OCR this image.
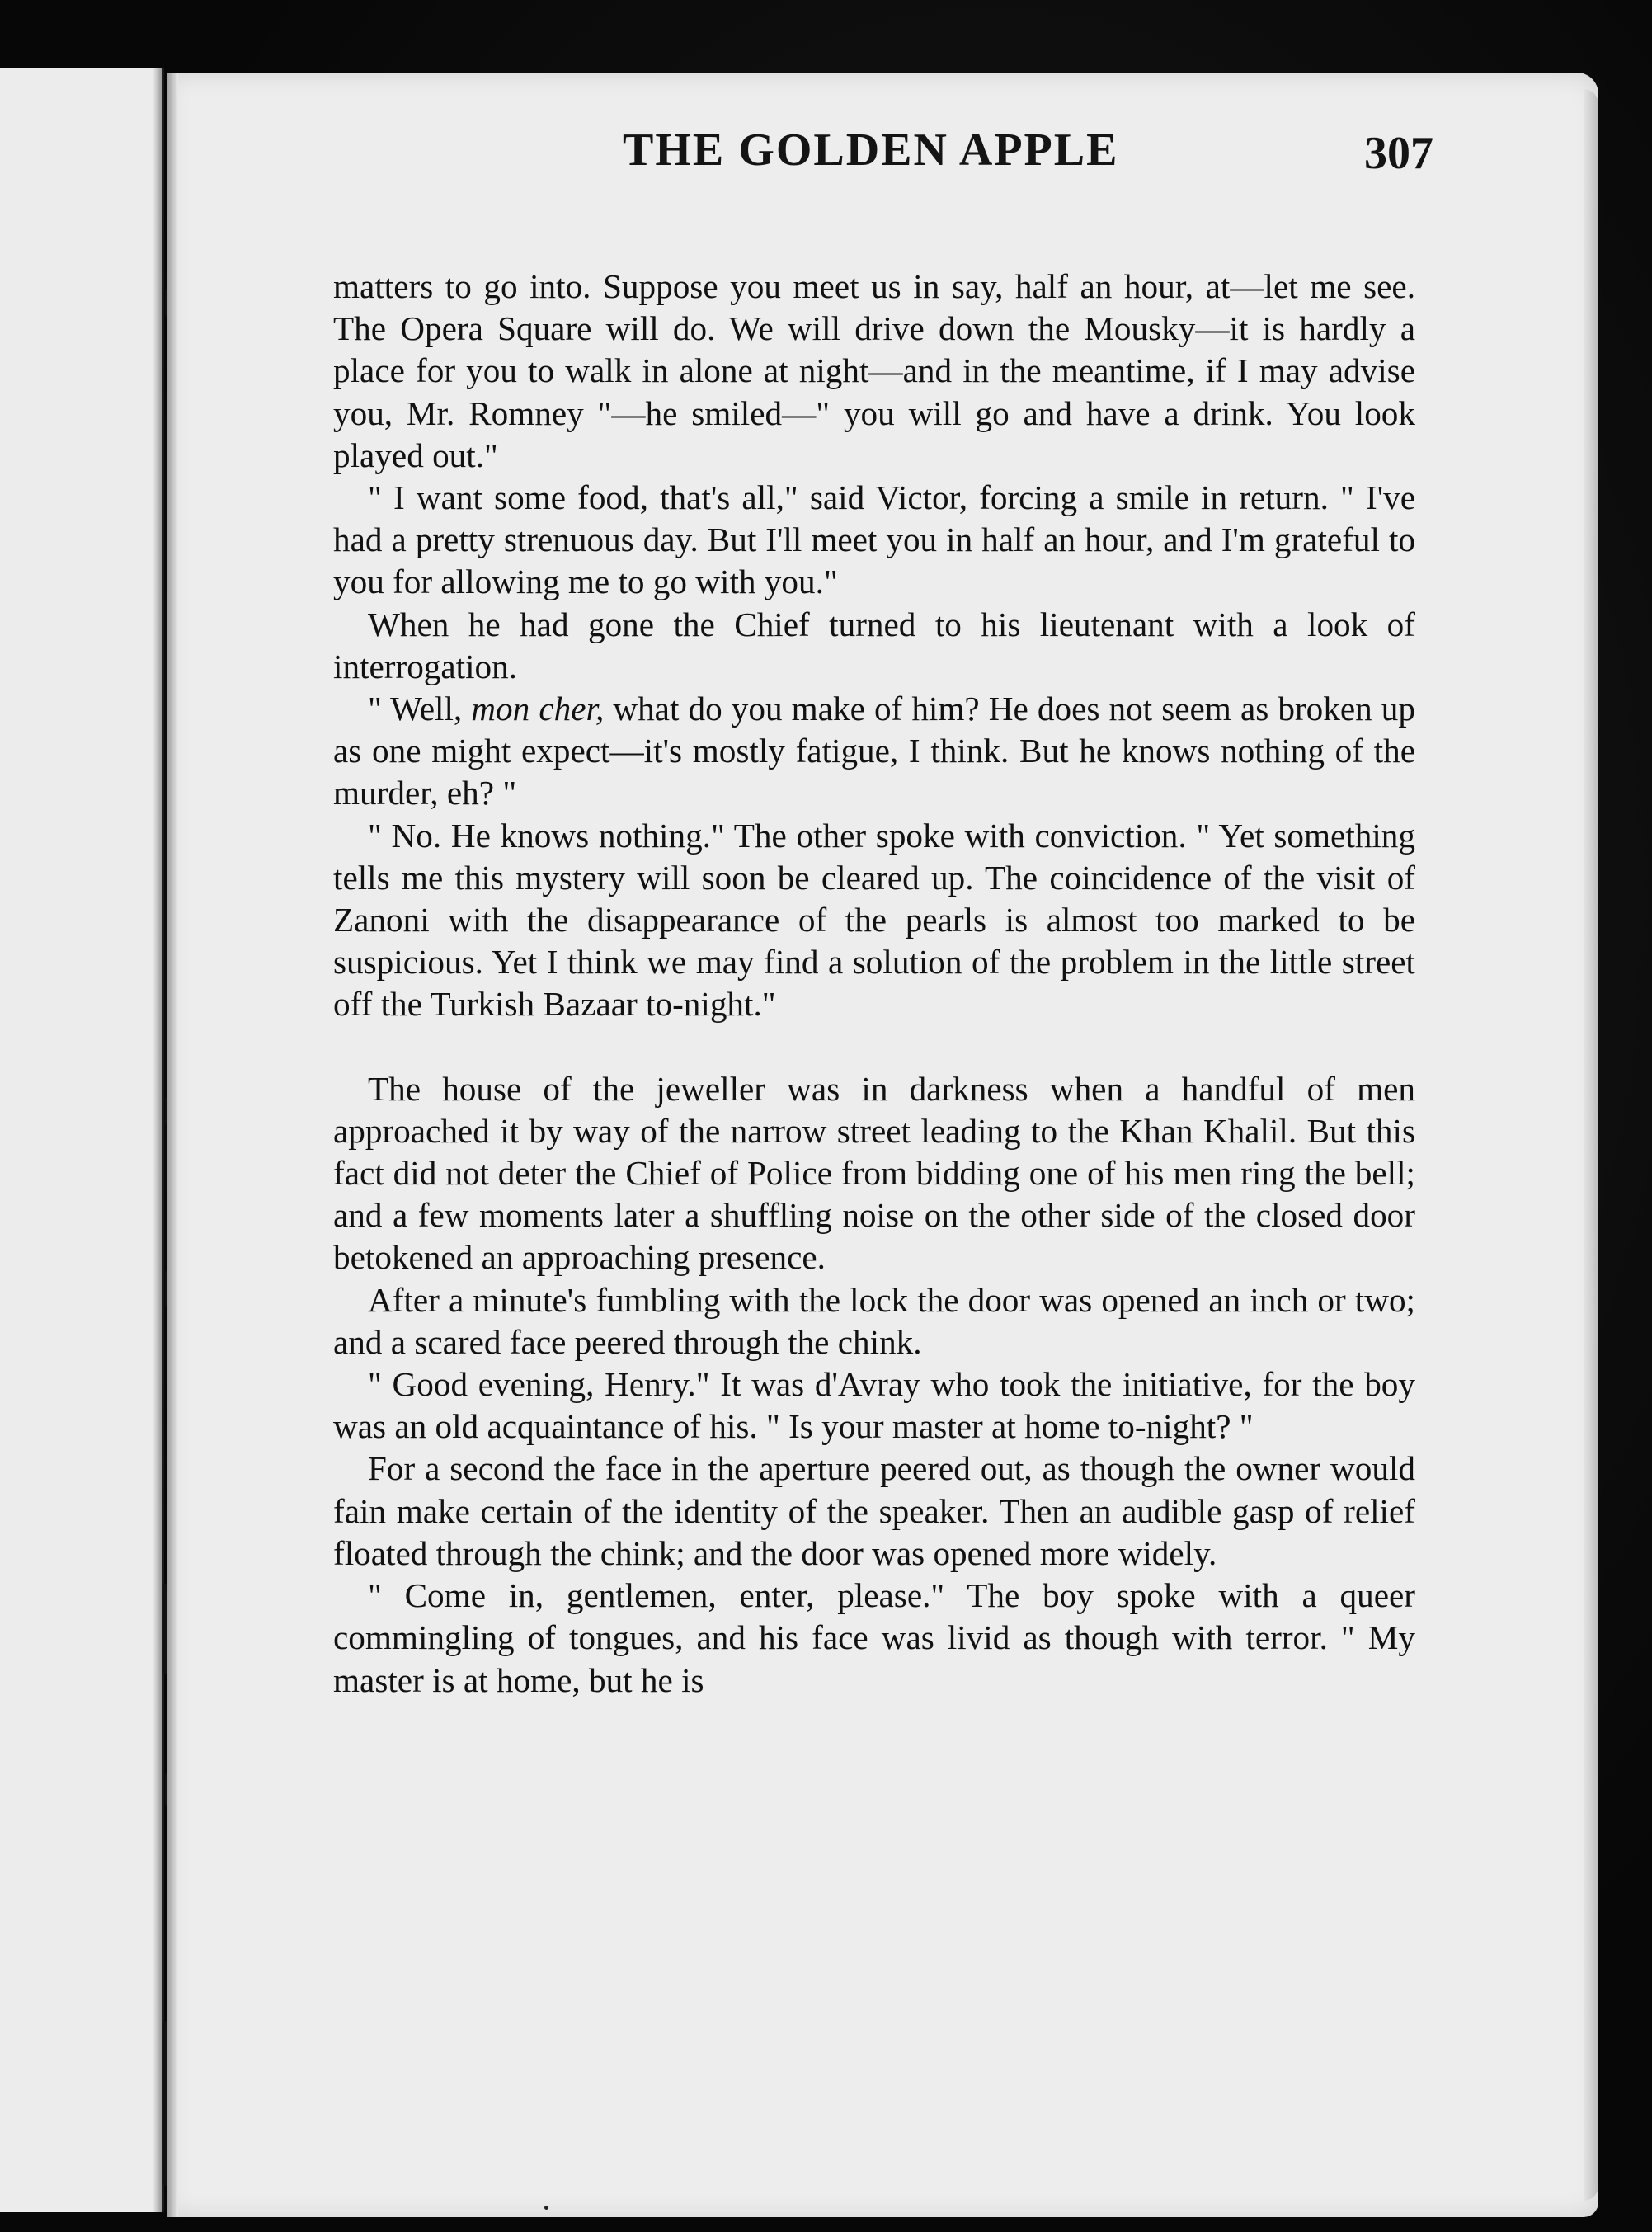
THE GOLDEN APPLE	307

matters to go into. Suppose you meet us in say, half an hour, at—let me see. The Opera Square will do. We will drive down the Mousky—it is hardly a place for you to walk in alone at night—and in the meantime, if I may advise you, Mr. Romney "—he smiled—" you will go and have a drink. You look played out."

" I want some food, that's all," said Victor, forcing a smile in return. " I've had a pretty strenuous day. But I'll meet you in half an hour, and I'm grateful to you for allowing me to go with you."

When he had gone the Chief turned to his lieutenant with a look of interrogation.

" Well, mon cher, what do you make of him? He does not seem as broken up as one might expect—it's mostly fatigue, I think. But he knows nothing of the murder, eh? "

" No. He knows nothing." The other spoke with conviction. " Yet something tells me this mystery will soon be cleared up. The coincidence of the visit of Zanoni with the disappearance of the pearls is almost too marked to be suspicious. Yet I think we may find a solution of the problem in the little street off the Turkish Bazaar to-night."

The house of the jeweller was in darkness when a handful of men approached it by way of the narrow street leading to the Khan Khalil. But this fact did not deter the Chief of Police from bidding one of his men ring the bell; and a few moments later a shuffling noise on the other side of the closed door betokened an approaching presence.

After a minute's fumbling with the lock the door was opened an inch or two; and a scared face peered through the chink.

" Good evening, Henry." It was d'Avray who took the initiative, for the boy was an old acquaintance of his. " Is your master at home to-night? "

For a second the face in the aperture peered out, as though the owner would fain make certain of the identity of the speaker. Then an audible gasp of relief floated through the chink; and the door was opened more widely.

" Come in, gentlemen, enter, please." The boy spoke with a queer commingling of tongues, and his face was livid as though with terror. " My master is at home, but he is
